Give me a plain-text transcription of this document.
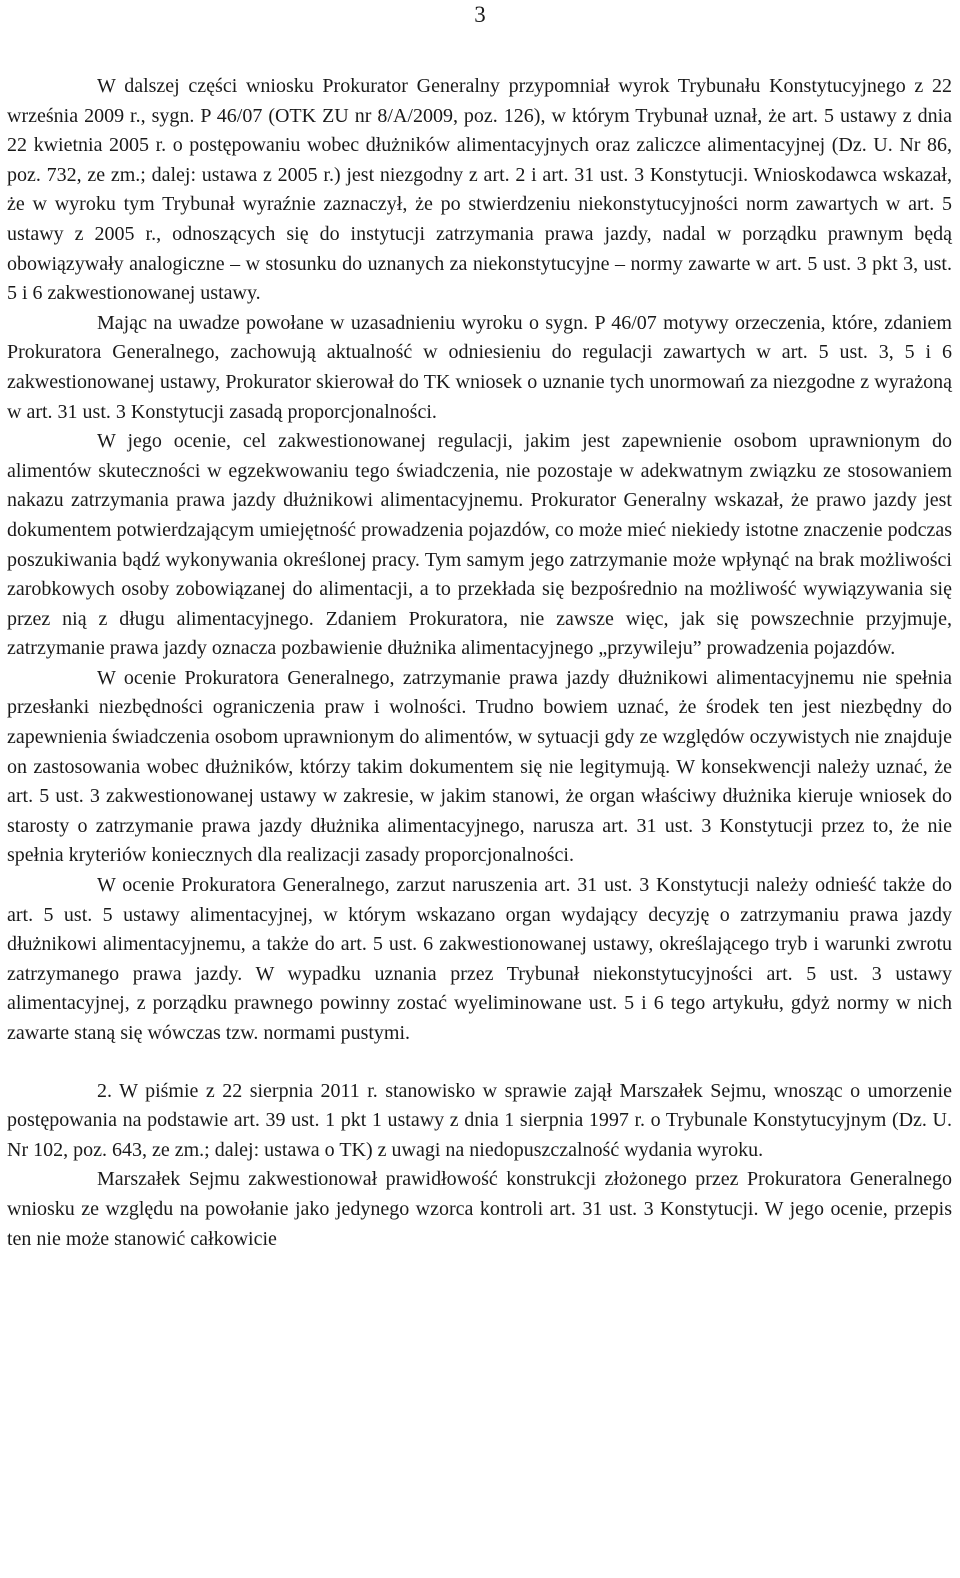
3

W dalszej części wniosku Prokurator Generalny przypomniał wyrok Trybunału Konstytucyjnego z 22 września 2009 r., sygn. P 46/07 (OTK ZU nr 8/A/2009, poz. 126), w którym Trybunał uznał, że art. 5 ustawy z dnia 22 kwietnia 2005 r. o postępowaniu wobec dłużników alimentacyjnych oraz zaliczce alimentacyjnej (Dz. U. Nr 86, poz. 732, ze zm.; dalej: ustawa z 2005 r.) jest niezgodny z art. 2 i art. 31 ust. 3 Konstytucji. Wnioskodawca wskazał, że w wyroku tym Trybunał wyraźnie zaznaczył, że po stwierdzeniu niekonstytucyjności norm zawartych w art. 5 ustawy z 2005 r., odnoszących się do instytucji zatrzymania prawa jazdy, nadal w porządku prawnym będą obowiązywały analogiczne – w stosunku do uznanych za niekonstytucyjne – normy zawarte w art. 5 ust. 3 pkt 3, ust. 5 i 6 zakwestionowanej ustawy.

Mając na uwadze powołane w uzasadnieniu wyroku o sygn. P 46/07 motywy orzeczenia, które, zdaniem Prokuratora Generalnego, zachowują aktualność w odniesieniu do regulacji zawartych w art. 5 ust. 3, 5 i 6 zakwestionowanej ustawy, Prokurator skierował do TK wniosek o uznanie tych unormowań za niezgodne z wyrażoną w art. 31 ust. 3 Konstytucji zasadą proporcjonalności.

W jego ocenie, cel zakwestionowanej regulacji, jakim jest zapewnienie osobom uprawnionym do alimentów skuteczności w egzekwowaniu tego świadczenia, nie pozostaje w adekwatnym związku ze stosowaniem nakazu zatrzymania prawa jazdy dłużnikowi alimentacyjnemu. Prokurator Generalny wskazał, że prawo jazdy jest dokumentem potwierdzającym umiejętność prowadzenia pojazdów, co może mieć niekiedy istotne znaczenie podczas poszukiwania bądź wykonywania określonej pracy. Tym samym jego zatrzymanie może wpłynąć na brak możliwości zarobkowych osoby zobowiązanej do alimentacji, a to przekłada się bezpośrednio na możliwość wywiązywania się przez nią z długu alimentacyjnego. Zdaniem Prokuratora, nie zawsze więc, jak się powszechnie przyjmuje, zatrzymanie prawa jazdy oznacza pozbawienie dłużnika alimentacyjnego „przywileju” prowadzenia pojazdów.

W ocenie Prokuratora Generalnego, zatrzymanie prawa jazdy dłużnikowi alimentacyjnemu nie spełnia przesłanki niezbędności ograniczenia praw i wolności. Trudno bowiem uznać, że środek ten jest niezbędny do zapewnienia świadczenia osobom uprawnionym do alimentów, w sytuacji gdy ze względów oczywistych nie znajduje on zastosowania wobec dłużników, którzy takim dokumentem się nie legitymują. W konsekwencji należy uznać, że art. 5 ust. 3 zakwestionowanej ustawy w zakresie, w jakim stanowi, że organ właściwy dłużnika kieruje wniosek do starosty o zatrzymanie prawa jazdy dłużnika alimentacyjnego, narusza art. 31 ust. 3 Konstytucji przez to, że nie spełnia kryteriów koniecznych dla realizacji zasady proporcjonalności.

W ocenie Prokuratora Generalnego, zarzut naruszenia art. 31 ust. 3 Konstytucji należy odnieść także do art. 5 ust. 5 ustawy alimentacyjnej, w którym wskazano organ wydający decyzję o zatrzymaniu prawa jazdy dłużnikowi alimentacyjnemu, a także do art. 5 ust. 6 zakwestionowanej ustawy, określającego tryb i warunki zwrotu zatrzymanego prawa jazdy. W wypadku uznania przez Trybunał niekonstytucyjności art. 5 ust. 3 ustawy alimentacyjnej, z porządku prawnego powinny zostać wyeliminowane ust. 5 i 6 tego artykułu, gdyż normy w nich zawarte staną się wówczas tzw. normami pustymi.

2. W piśmie z 22 sierpnia 2011 r. stanowisko w sprawie zajął Marszałek Sejmu, wnosząc o umorzenie postępowania na podstawie art. 39 ust. 1 pkt 1 ustawy z dnia 1 sierpnia 1997 r. o Trybunale Konstytucyjnym (Dz. U. Nr 102, poz. 643, ze zm.; dalej: ustawa o TK) z uwagi na niedopuszczalność wydania wyroku.

Marszałek Sejmu zakwestionował prawidłowość konstrukcji złożonego przez Prokuratora Generalnego wniosku ze względu na powołanie jako jedynego wzorca kontroli art. 31 ust. 3 Konstytucji. W jego ocenie, przepis ten nie może stanowić całkowicie
